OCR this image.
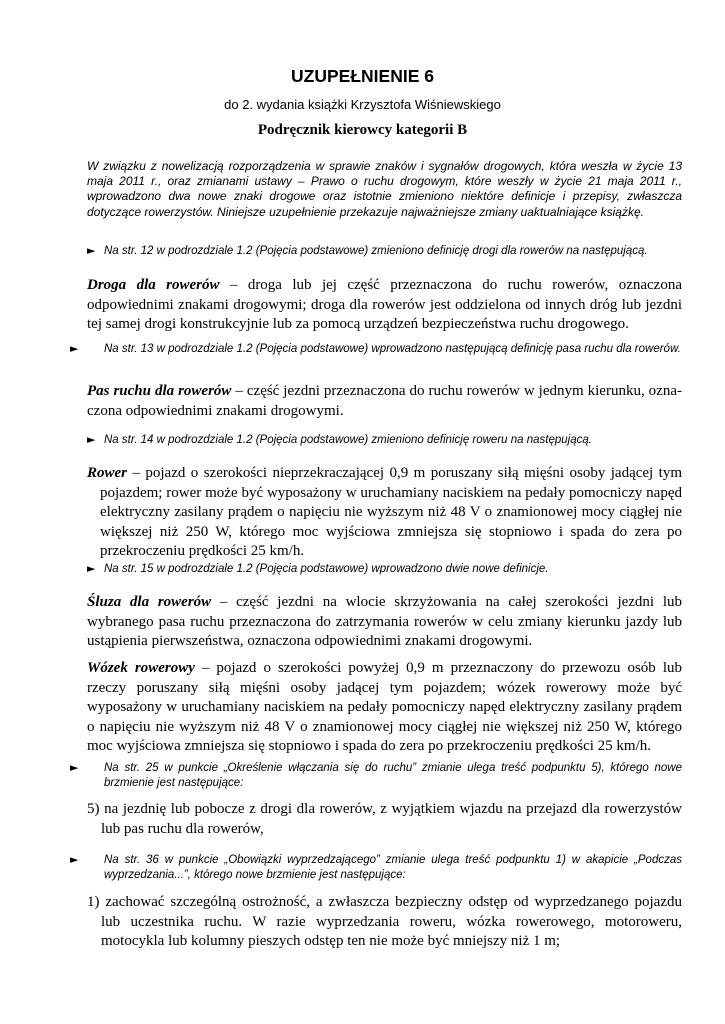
UZUPEŁNIENIE 6
do 2. wydania książki Krzysztofa Wiśniewskiego
Podręcznik kierowcy kategorii B

W związku z nowelizacją rozporządzenia w sprawie znaków i sygnałów drogowych, która weszła w życie 13 maja 2011 r., oraz zmianami ustawy – Prawo o ruchu drogowym, które weszły w życie 21 maja 2011 r., wprowadzono dwa nowe znaki drogowe oraz istotnie zmieniono niektóre definicje i przepisy, zwłaszcza dotyczące rowerzystów. Niniejsze uzupełnienie przekazuje najważniejsze zmiany uaktualniające książkę.

► Na str. 12 w podrozdziale 1.2 (Pojęcia podstawowe) zmieniono definicję drogi dla rowerów na następującą.

Droga dla rowerów – droga lub jej część przeznaczona do ruchu rowerów, oznaczona odpowiednimi znakami drogowymi; droga dla rowerów jest oddzielona od innych dróg lub jezdni tej samej drogi konstrukcyjnie lub za pomocą urządzeń bezpieczeństwa ruchu drogowego.

► Na str. 13 w podrozdziale 1.2 (Pojęcia podstawowe) wprowadzono następującą definicję pasa ruchu dla rowerów.

Pas ruchu dla rowerów – część jezdni przeznaczona do ruchu rowerów w jednym kierunku, oznaczona odpowiednimi znakami drogowymi.

► Na str. 14 w podrozdziale 1.2 (Pojęcia podstawowe) zmieniono definicję roweru na następującą.

Rower – pojazd o szerokości nieprzekraczającej 0,9 m poruszany siłą mięśni osoby jadącej tym pojazdem; rower może być wyposażony w uruchamiany naciskiem na pedały pomocniczy napęd elektryczny zasilany prądem o napięciu nie wyższym niż 48 V o znamionowej mocy ciągłej nie większej niż 250 W, którego moc wyjściowa zmniejsza się stopniowo i spada do zera po przekroczeniu prędkości 25 km/h.

► Na str. 15 w podrozdziale 1.2 (Pojęcia podstawowe) wprowadzono dwie nowe definicje.

Śluza dla rowerów – część jezdni na wlocie skrzyżowania na całej szerokości jezdni lub wybranego pasa ruchu przeznaczona do zatrzymania rowerów w celu zmiany kierunku jazdy lub ustąpienia pierwszeństwa, oznaczona odpowiednimi znakami drogowymi.

Wózek rowerowy – pojazd o szerokości powyżej 0,9 m przeznaczony do przewozu osób lub rzeczy poruszany siłą mięśni osoby jadącej tym pojazdem; wózek rowerowy może być wyposażony w uruchamiany naciskiem na pedały pomocniczy napęd elektryczny zasilany prądem o napięciu nie wyższym niż 48 V o znamionowej mocy ciągłej nie większej niż 250 W, którego moc wyjściowa zmniejsza się stopniowo i spada do zera po przekroczeniu prędkości 25 km/h.

► Na str. 25 w punkcie „Określenie włączania się do ruchu” zmianie ulega treść podpunktu 5), którego nowe brzmienie jest następujące:

5) na jezdnię lub pobocze z drogi dla rowerów, z wyjątkiem wjazdu na przejazd dla rowerzystów lub pas ruchu dla rowerów,

► Na str. 36 w punkcie „Obowiązki wyprzedzającego” zmianie ulega treść podpunktu 1) w akapicie „Podczas wyprzedzania...”, którego nowe brzmienie jest następujące:

1) zachować szczególną ostrożność, a zwłaszcza bezpieczny odstęp od wyprzedzanego pojazdu lub uczestnika ruchu. W razie wyprzedzania roweru, wózka rowerowego, motoroweru, motocykla lub kolumny pieszych odstęp ten nie może być mniejszy niż 1 m;
